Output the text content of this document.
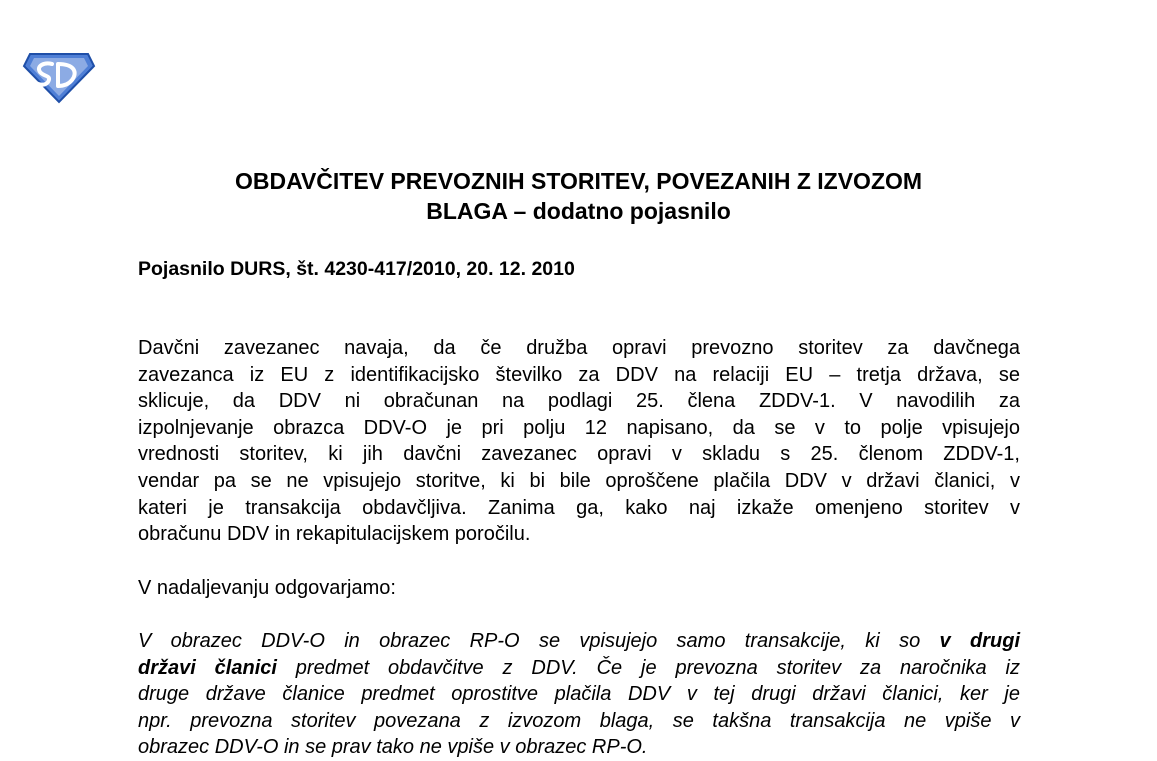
OBDAVČITEV PREVOZNIH STORITEV, POVEZANIH Z IZVOZOM
BLAGA – dodatno pojasnilo

Pojasnilo DURS, št. 4230-417/2010, 20. 12. 2010

Davčni zavezanec navaja, da če družba opravi prevozno storitev za davčnega
zavezanca iz EU z identifikacijsko številko za DDV na relaciji EU – tretja država, se
sklicuje, da DDV ni obračunan na podlagi 25. člena ZDDV-1. V navodilih za
izpolnjevanje obrazca DDV-O je pri polju 12 napisano, da se v to polje vpisujejo
vrednosti storitev, ki jih davčni zavezanec opravi v skladu s 25. členom ZDDV-1,
vendar pa se ne vpisujejo storitve, ki bi bile oproščene plačila DDV v državi članici, v
kateri je transakcija obdavčljiva. Zanima ga, kako naj izkaže omenjeno storitev v
obračunu DDV in rekapitulacijskem poročilu.

V nadaljevanju odgovarjamo:

V obrazec DDV-O in obrazec RP-O se vpisujejo samo transakcije, ki so v drugi
državi članici predmet obdavčitve z DDV. Če je prevozna storitev za naročnika iz
druge države članice predmet oprostitve plačila DDV v tej drugi državi članici, ker je
npr. prevozna storitev povezana z izvozom blaga, se takšna transakcija ne vpiše v
obrazec DDV-O in se prav tako ne vpiše v obrazec RP-O.
